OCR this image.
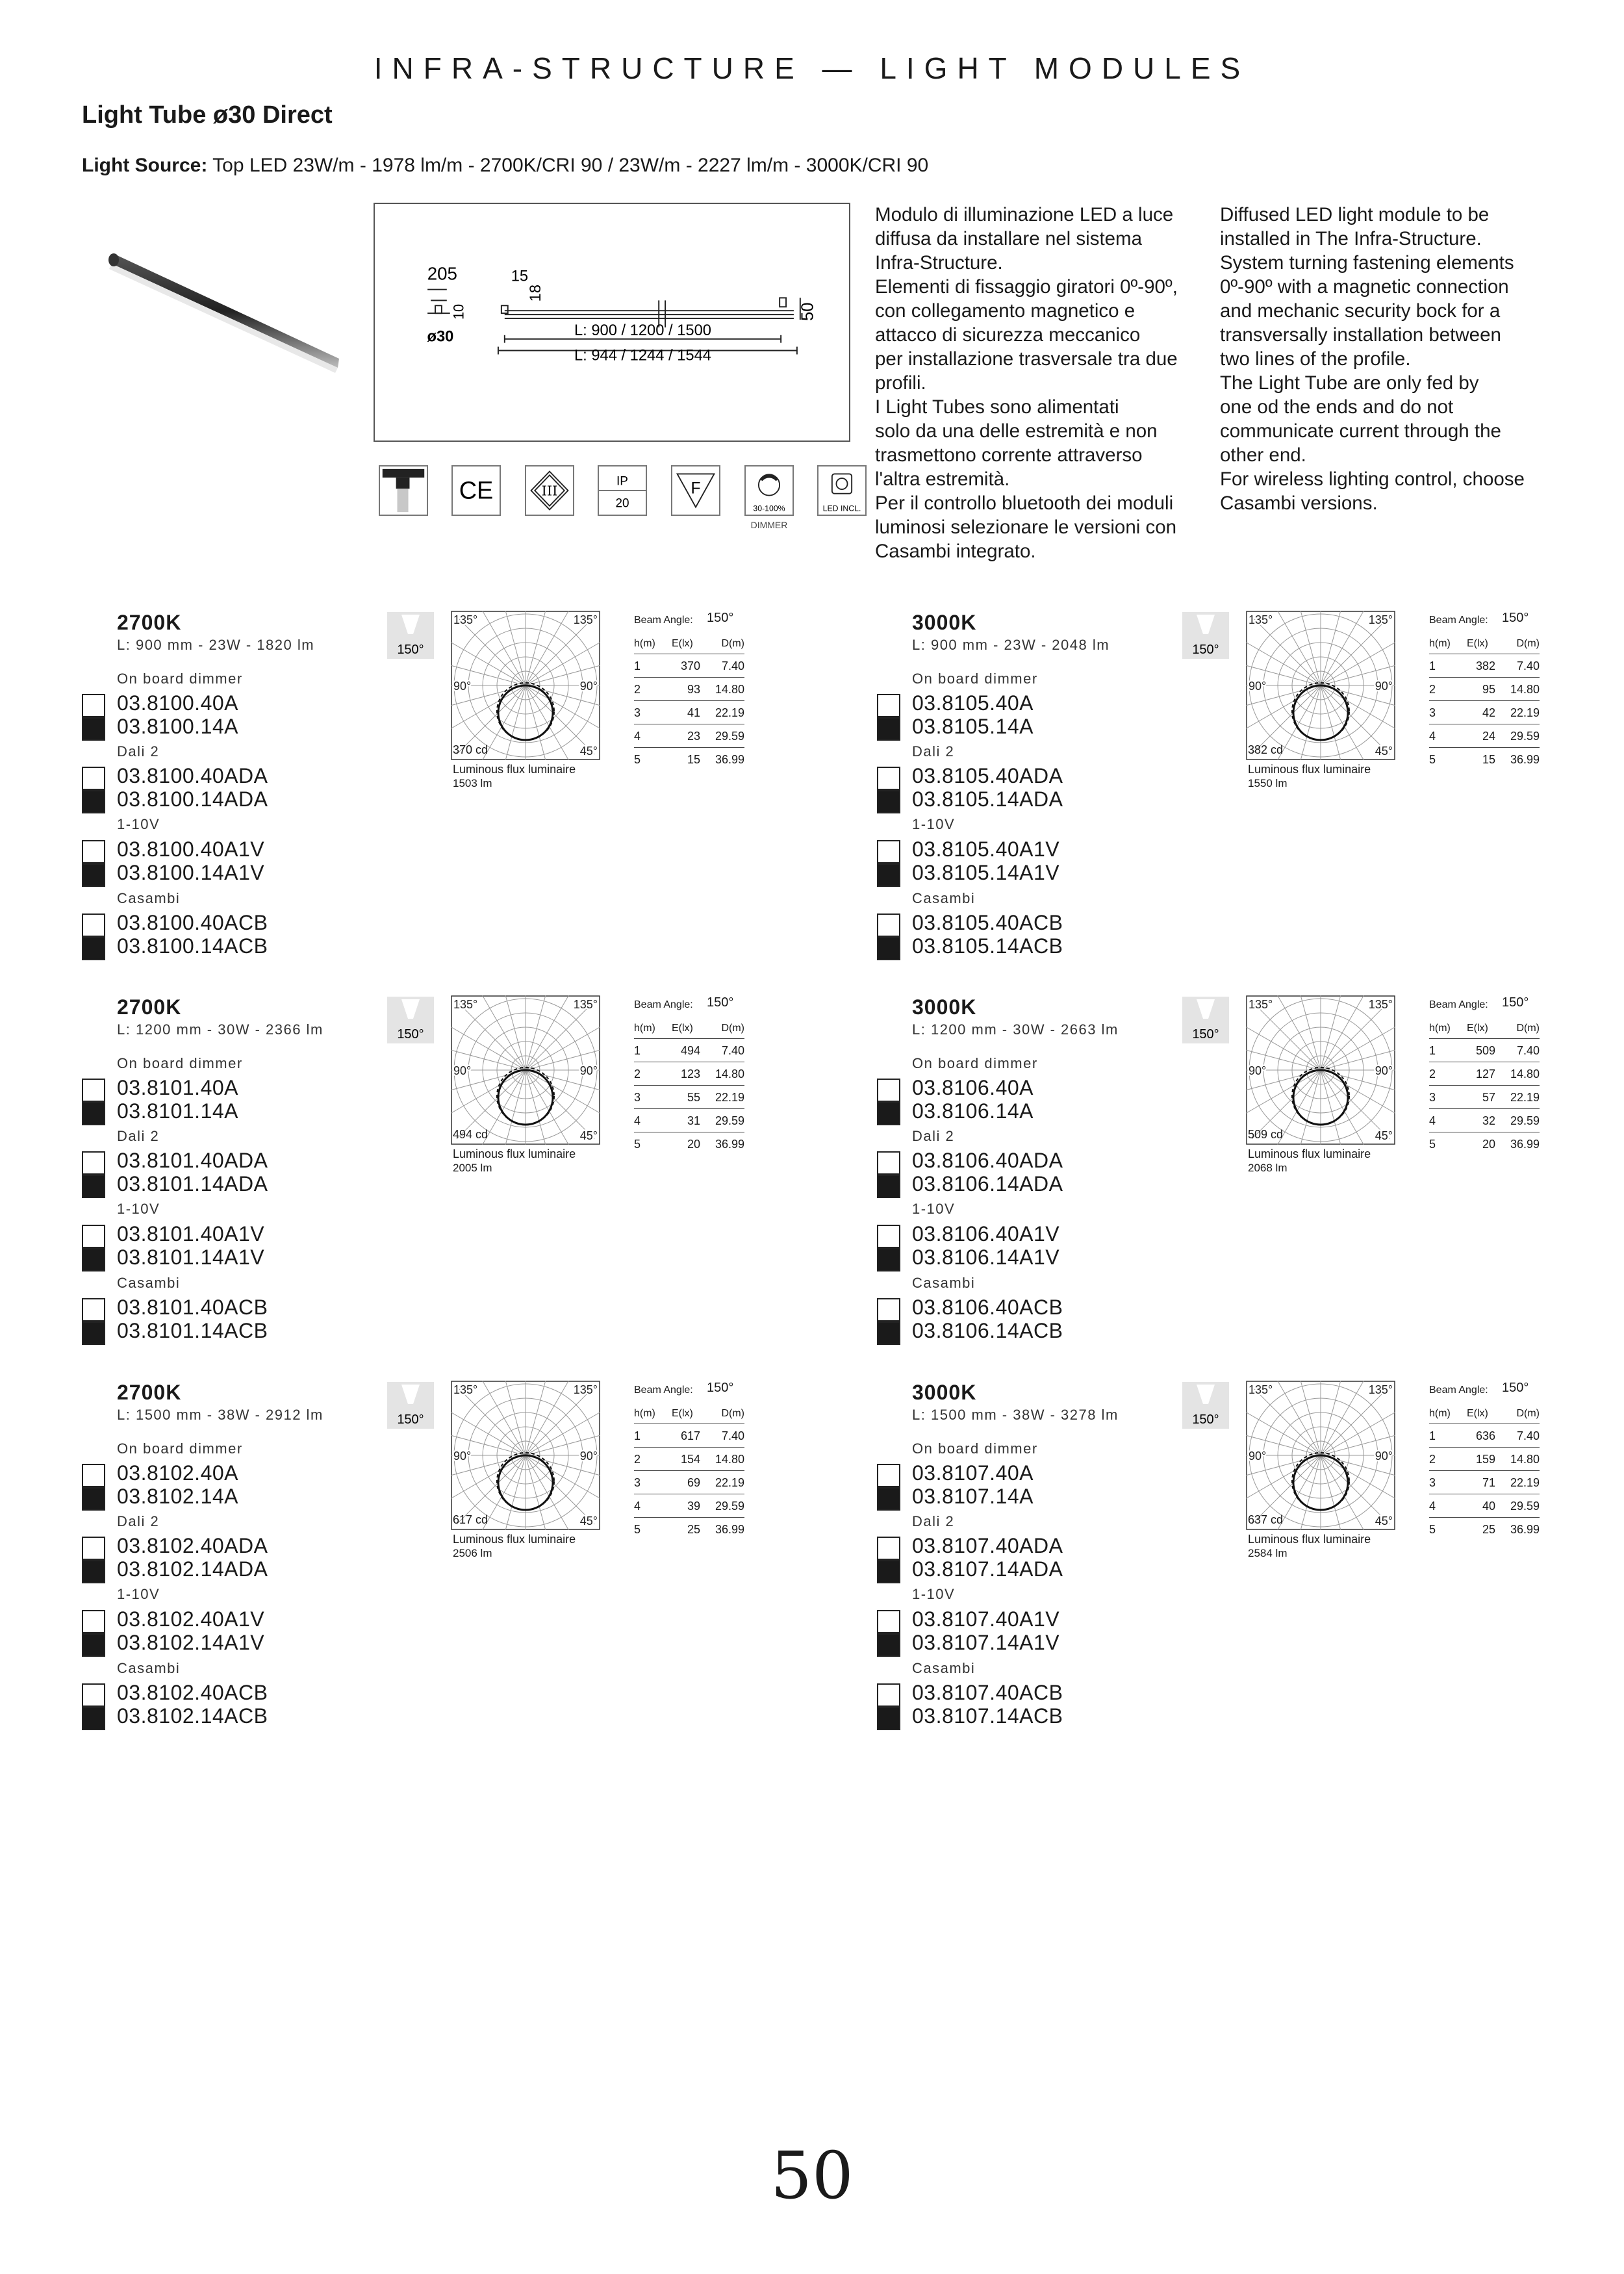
INFRA-STRUCTURE — LIGHT MODULES
Light Tube ø30 Direct
Light Source: Top LED 23W/m - 1978 lm/m - 2700K/CRI 90 / 23W/m - 2227 lm/m - 3000K/CRI 90
205	15
18
10	50
ø30	L: 900 / 1200 / 1500
L: 944 / 1244 / 1544
Modulo di illuminazione LED a luce
diffusa da installare nel sistema
Infra-Structure.
Elementi di fissaggio giratori 0º-90º,
con collegamento magnetico e
attacco di sicurezza meccanico
per installazione trasversale tra due
profili.
I Light Tubes sono alimentati
solo da una delle estremità e non
trasmettono corrente attraverso
l'altra estremità.
Per il controllo bluetooth dei moduli
luminosi selezionare le versioni con
Casambi integrato.
Diffused LED light module to be
installed in The Infra-Structure.
System turning fastening elements
0º-90º with a magnetic connection
and mechanic security bock for a
transversally installation between
two lines of the profile.
The Light Tube are only fed by
one od the ends and do not
communicate current through the
other end.
For wireless lighting control, choose
Casambi versions.
CE	III
IP
20
F
30-100%	LED INCL.
DIMMER
2700K
L: 900 mm - 23W - 1820 lm
On board dimmer
03.8100.40A
03.8100.14A
Dali 2
03.8100.40ADA
03.8100.14ADA
1-10V
03.8100.40A1V
03.8100.14A1V
Casambi
03.8100.40ACB
03.8100.14ACB
150°
135°	135°
90°	90°
45°
370 cd
Luminous flux luminaire
1503 lm
Beam Angle: 150°
h(m) E(lx)	D(m)
1	370 7.40
2	93 14.80
3	41 22.19
4	23 29.59
5	15 36.99
3000K
L: 900 mm - 23W - 2048 lm
On board dimmer
03.8105.40A
03.8105.14A
Dali 2
03.8105.40ADA
03.8105.14ADA
1-10V
03.8105.40A1V
03.8105.14A1V
Casambi
03.8105.40ACB
03.8105.14ACB
150°
135°	135°
90°	90°
45°
382 cd
Luminous flux luminaire
1550 lm
Beam Angle: 150°
h(m) E(lx)	D(m)
1	382 7.40
2	95 14.80
3	42 22.19
4	24 29.59
5	15 36.99
2700K
L: 1200 mm - 30W - 2366 lm
On board dimmer
03.8101.40A
03.8101.14A
Dali 2
03.8101.40ADA
03.8101.14ADA
1-10V
03.8101.40A1V
03.8101.14A1V
Casambi
03.8101.40ACB
03.8101.14ACB
150°
135°	135°
90°	90°
45°
494 cd
Luminous flux luminaire
2005 lm
Beam Angle: 150°
h(m) E(lx)	D(m)
1	494 7.40
2	123 14.80
3	55 22.19
4	31 29.59
5	20 36.99
3000K
L: 1200 mm - 30W - 2663 lm
On board dimmer
03.8106.40A
03.8106.14A
Dali 2
03.8106.40ADA
03.8106.14ADA
1-10V
03.8106.40A1V
03.8106.14A1V
Casambi
03.8106.40ACB
03.8106.14ACB
150°
135°	135°
90°	90°
45°
509 cd
Luminous flux luminaire
2068 lm
Beam Angle: 150°
h(m) E(lx)	D(m)
1	509 7.40
2	127 14.80
3	57 22.19
4	32 29.59
5	20 36.99
2700K
L: 1500 mm - 38W - 2912 lm
On board dimmer
03.8102.40A
03.8102.14A
Dali 2
03.8102.40ADA
03.8102.14ADA
1-10V
03.8102.40A1V
03.8102.14A1V
Casambi
03.8102.40ACB
03.8102.14ACB
150°
135°	135°
90°	90°
45°
617 cd
Luminous flux luminaire
2506 lm
Beam Angle: 150°
h(m) E(lx)	D(m)
1	617 7.40
2	154 14.80
3	69 22.19
4	39 29.59
5	25 36.99
3000K
L: 1500 mm - 38W - 3278 lm
On board dimmer
03.8107.40A
03.8107.14A
Dali 2
03.8107.40ADA
03.8107.14ADA
1-10V
03.8107.40A1V
03.8107.14A1V
Casambi
03.8107.40ACB
03.8107.14ACB
150°
135°	135°
90°	90°
45°
637 cd
Luminous flux luminaire
2584 lm
Beam Angle: 150°
h(m) E(lx)	D(m)
1	636 7.40
2	159 14.80
3	71 22.19
4	40 29.59
5	25 36.99
50
